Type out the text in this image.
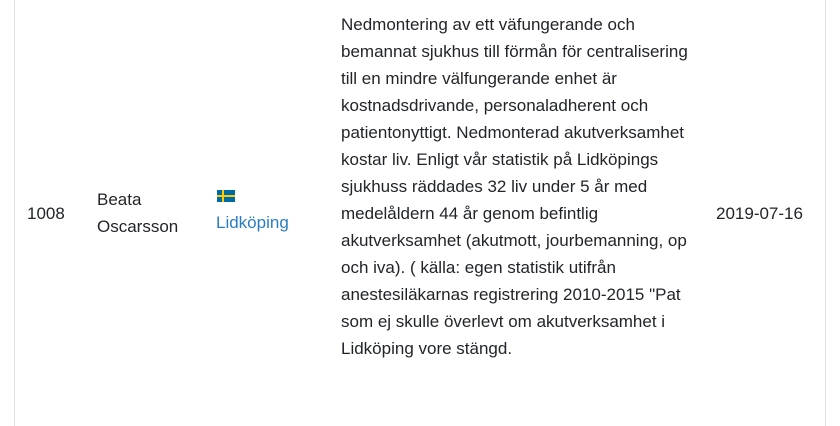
1008
Beata Oscarsson	Lidköping
Nedmontering av ett väfungerande och bemannat sjukhus till förmån för centralisering till en mindre välfungerande enhet är kostnadsdrivande, personaladherent och patientonyttigt. Nedmonterad akutverksamhet kostar liv. Enligt vår statistik på Lidköpings sjukhuss räddades 32 liv under 5 år med medelåldern 44 år genom befintlig akutverksamhet (akutmott, jourbemanning, op och iva). ( källa: egen statistik utifrån anestesiläkarnas registrering 2010-2015 "Pat som ej skulle överlevt om akutverksamhet i Lidköping vore stängd.
2019-07-16
